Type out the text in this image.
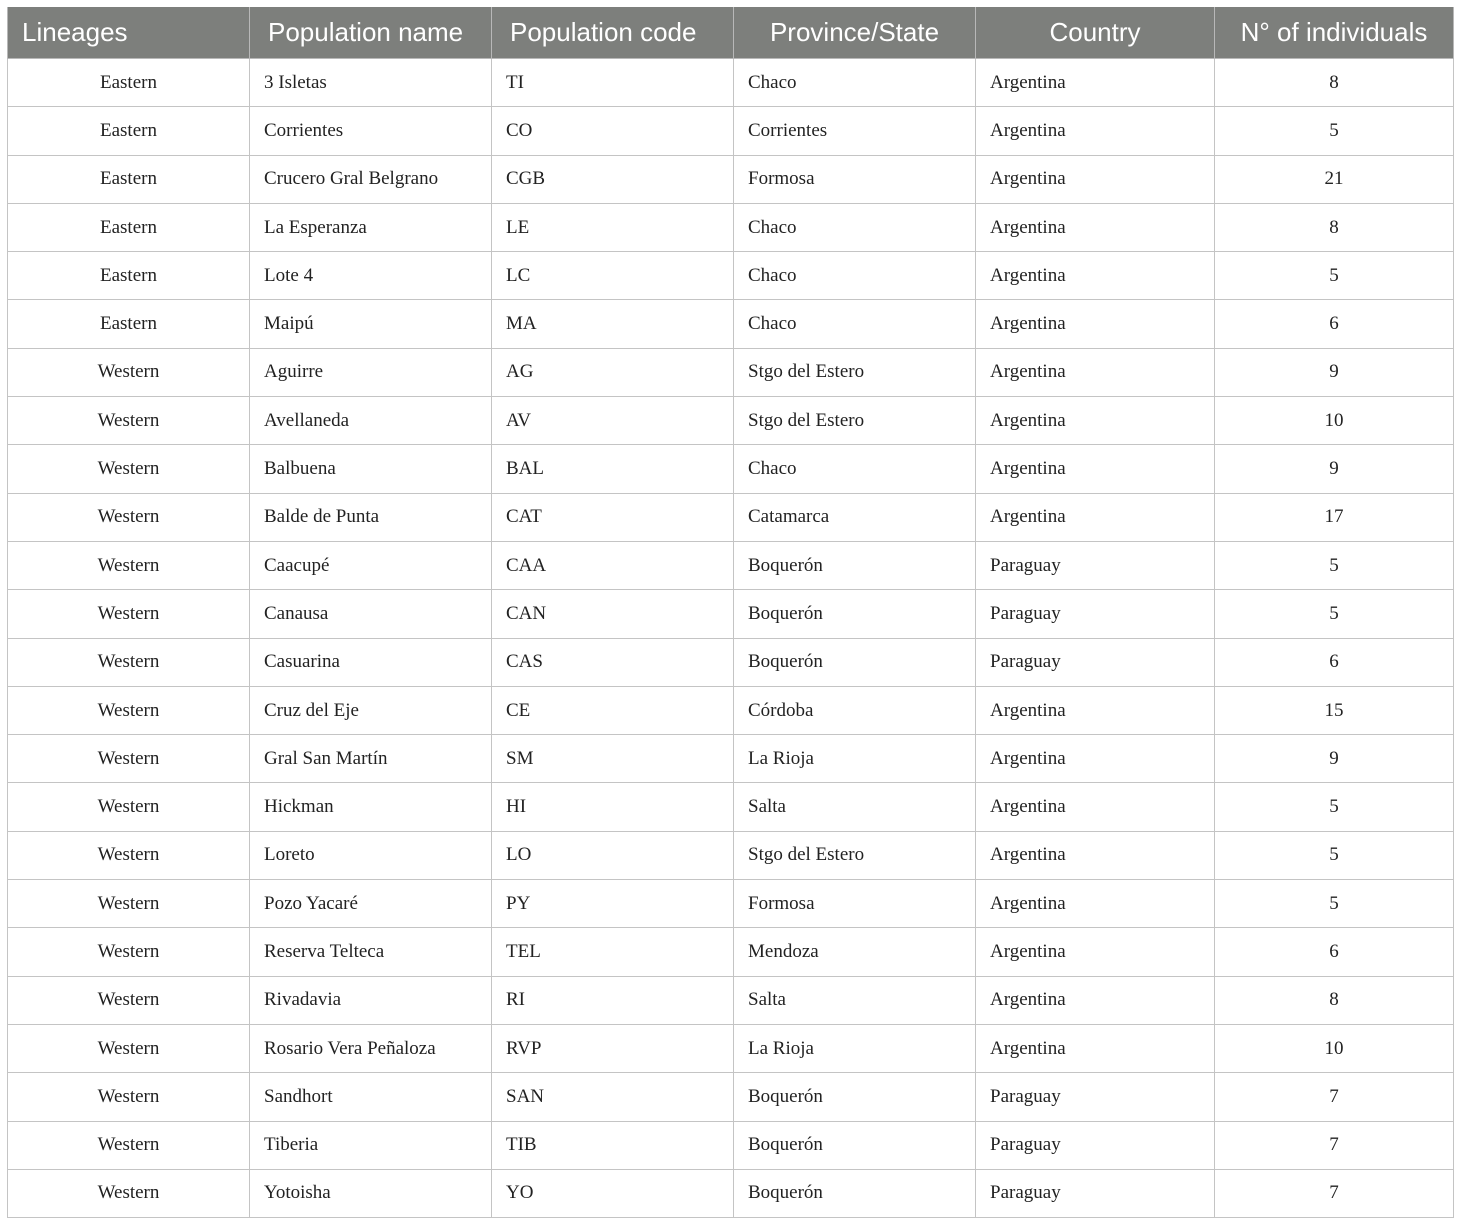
Lineages	Population name	Population code	Province/State	Country	N° of individuals
Eastern	3 Isletas	TI	Chaco	Argentina	8
Eastern	Corrientes	CO	Corrientes	Argentina	5
Eastern	Crucero Gral Belgrano	CGB	Formosa	Argentina	21
Eastern	La Esperanza	LE	Chaco	Argentina	8
Eastern	Lote 4	LC	Chaco	Argentina	5
Eastern	Maipú	MA	Chaco	Argentina	6
Western	Aguirre	AG	Stgo del Estero	Argentina	9
Western	Avellaneda	AV	Stgo del Estero	Argentina	10
Western	Balbuena	BAL	Chaco	Argentina	9
Western	Balde de Punta	CAT	Catamarca	Argentina	17
Western	Caacupé	CAA	Boquerón	Paraguay	5
Western	Canausa	CAN	Boquerón	Paraguay	5
Western	Casuarina	CAS	Boquerón	Paraguay	6
Western	Cruz del Eje	CE	Córdoba	Argentina	15
Western	Gral San Martín	SM	La Rioja	Argentina	9
Western	Hickman	HI	Salta	Argentina	5
Western	Loreto	LO	Stgo del Estero	Argentina	5
Western	Pozo Yacaré	PY	Formosa	Argentina	5
Western	Reserva Telteca	TEL	Mendoza	Argentina	6
Western	Rivadavia	RI	Salta	Argentina	8
Western	Rosario Vera Peñaloza	RVP	La Rioja	Argentina	10
Western	Sandhort	SAN	Boquerón	Paraguay	7
Western	Tiberia	TIB	Boquerón	Paraguay	7
Western	Yotoisha	YO	Boquerón	Paraguay	7
